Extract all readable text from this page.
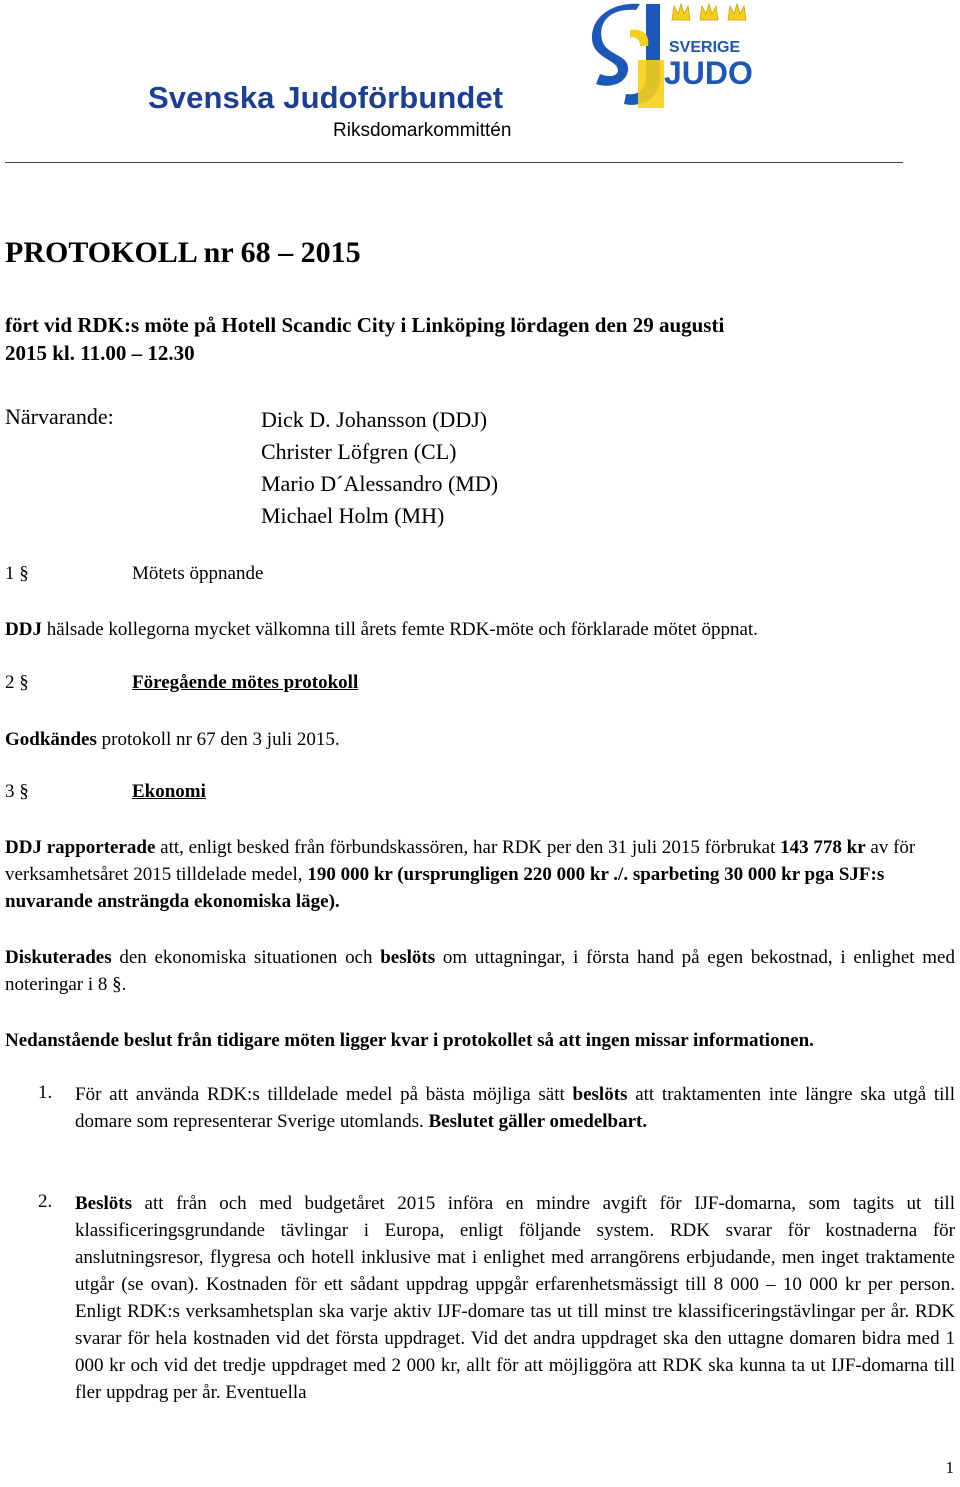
Svenska Judoförbundet
Riksdomarkommittén
SVERIGE
JUDO
PROTOKOLL nr 68 – 2015
fört vid RDK:s möte på Hotell Scandic City i Linköping lördagen den 29 augusti
2015 kl. 11.00 – 12.30
Närvarande:	Dick D. Johansson (DDJ)
Christer Löfgren (CL)
Mario D´Alessandro (MD)
Michael Holm (MH)
1 §	Mötets öppnande
DDJ hälsade kollegorna mycket välkomna till årets femte RDK-möte och förklarade mötet öppnat.
2 §	Föregående mötes protokoll
Godkändes protokoll nr 67 den 3 juli 2015.
3 §	Ekonomi
DDJ rapporterade att, enligt besked från förbundskassören, har RDK per den 31 juli 2015 förbrukat 143 778 kr av för verksamhetsåret 2015 tilldelade medel, 190 000 kr (ursprungligen 220 000 kr ./. sparbeting 30 000 kr pga SJF:s nuvarande ansträngda ekonomiska läge).
Diskuterades den ekonomiska situationen och beslöts om uttagningar, i första hand på egen bekostnad, i enlighet med noteringar i 8 §.
Nedanstående beslut från tidigare möten ligger kvar i protokollet så att ingen missar informationen.
1. För att använda RDK:s tilldelade medel på bästa möjliga sätt beslöts att traktamenten inte längre ska utgå till domare som representerar Sverige utomlands. Beslutet gäller omedelbart.
2. Beslöts att från och med budgetåret 2015 införa en mindre avgift för IJF-domarna, som tagits ut till klassificeringsgrundande tävlingar i Europa, enligt följande system. RDK svarar för kostnaderna för anslutningsresor, flygresa och hotell inklusive mat i enlighet med arrangörens erbjudande, men inget traktamente utgår (se ovan). Kostnaden för ett sådant uppdrag uppgår erfarenhetsmässigt till 8 000 – 10 000 kr per person. Enligt RDK:s verksamhetsplan ska varje aktiv IJF-domare tas ut till minst tre klassificeringstävlingar per år. RDK svarar för hela kostnaden vid det första uppdraget. Vid det andra uppdraget ska den uttagne domaren bidra med 1 000 kr och vid det tredje uppdraget med 2 000 kr, allt för att möjliggöra att RDK ska kunna ta ut IJF-domarna till fler uppdrag per år. Eventuella
1
